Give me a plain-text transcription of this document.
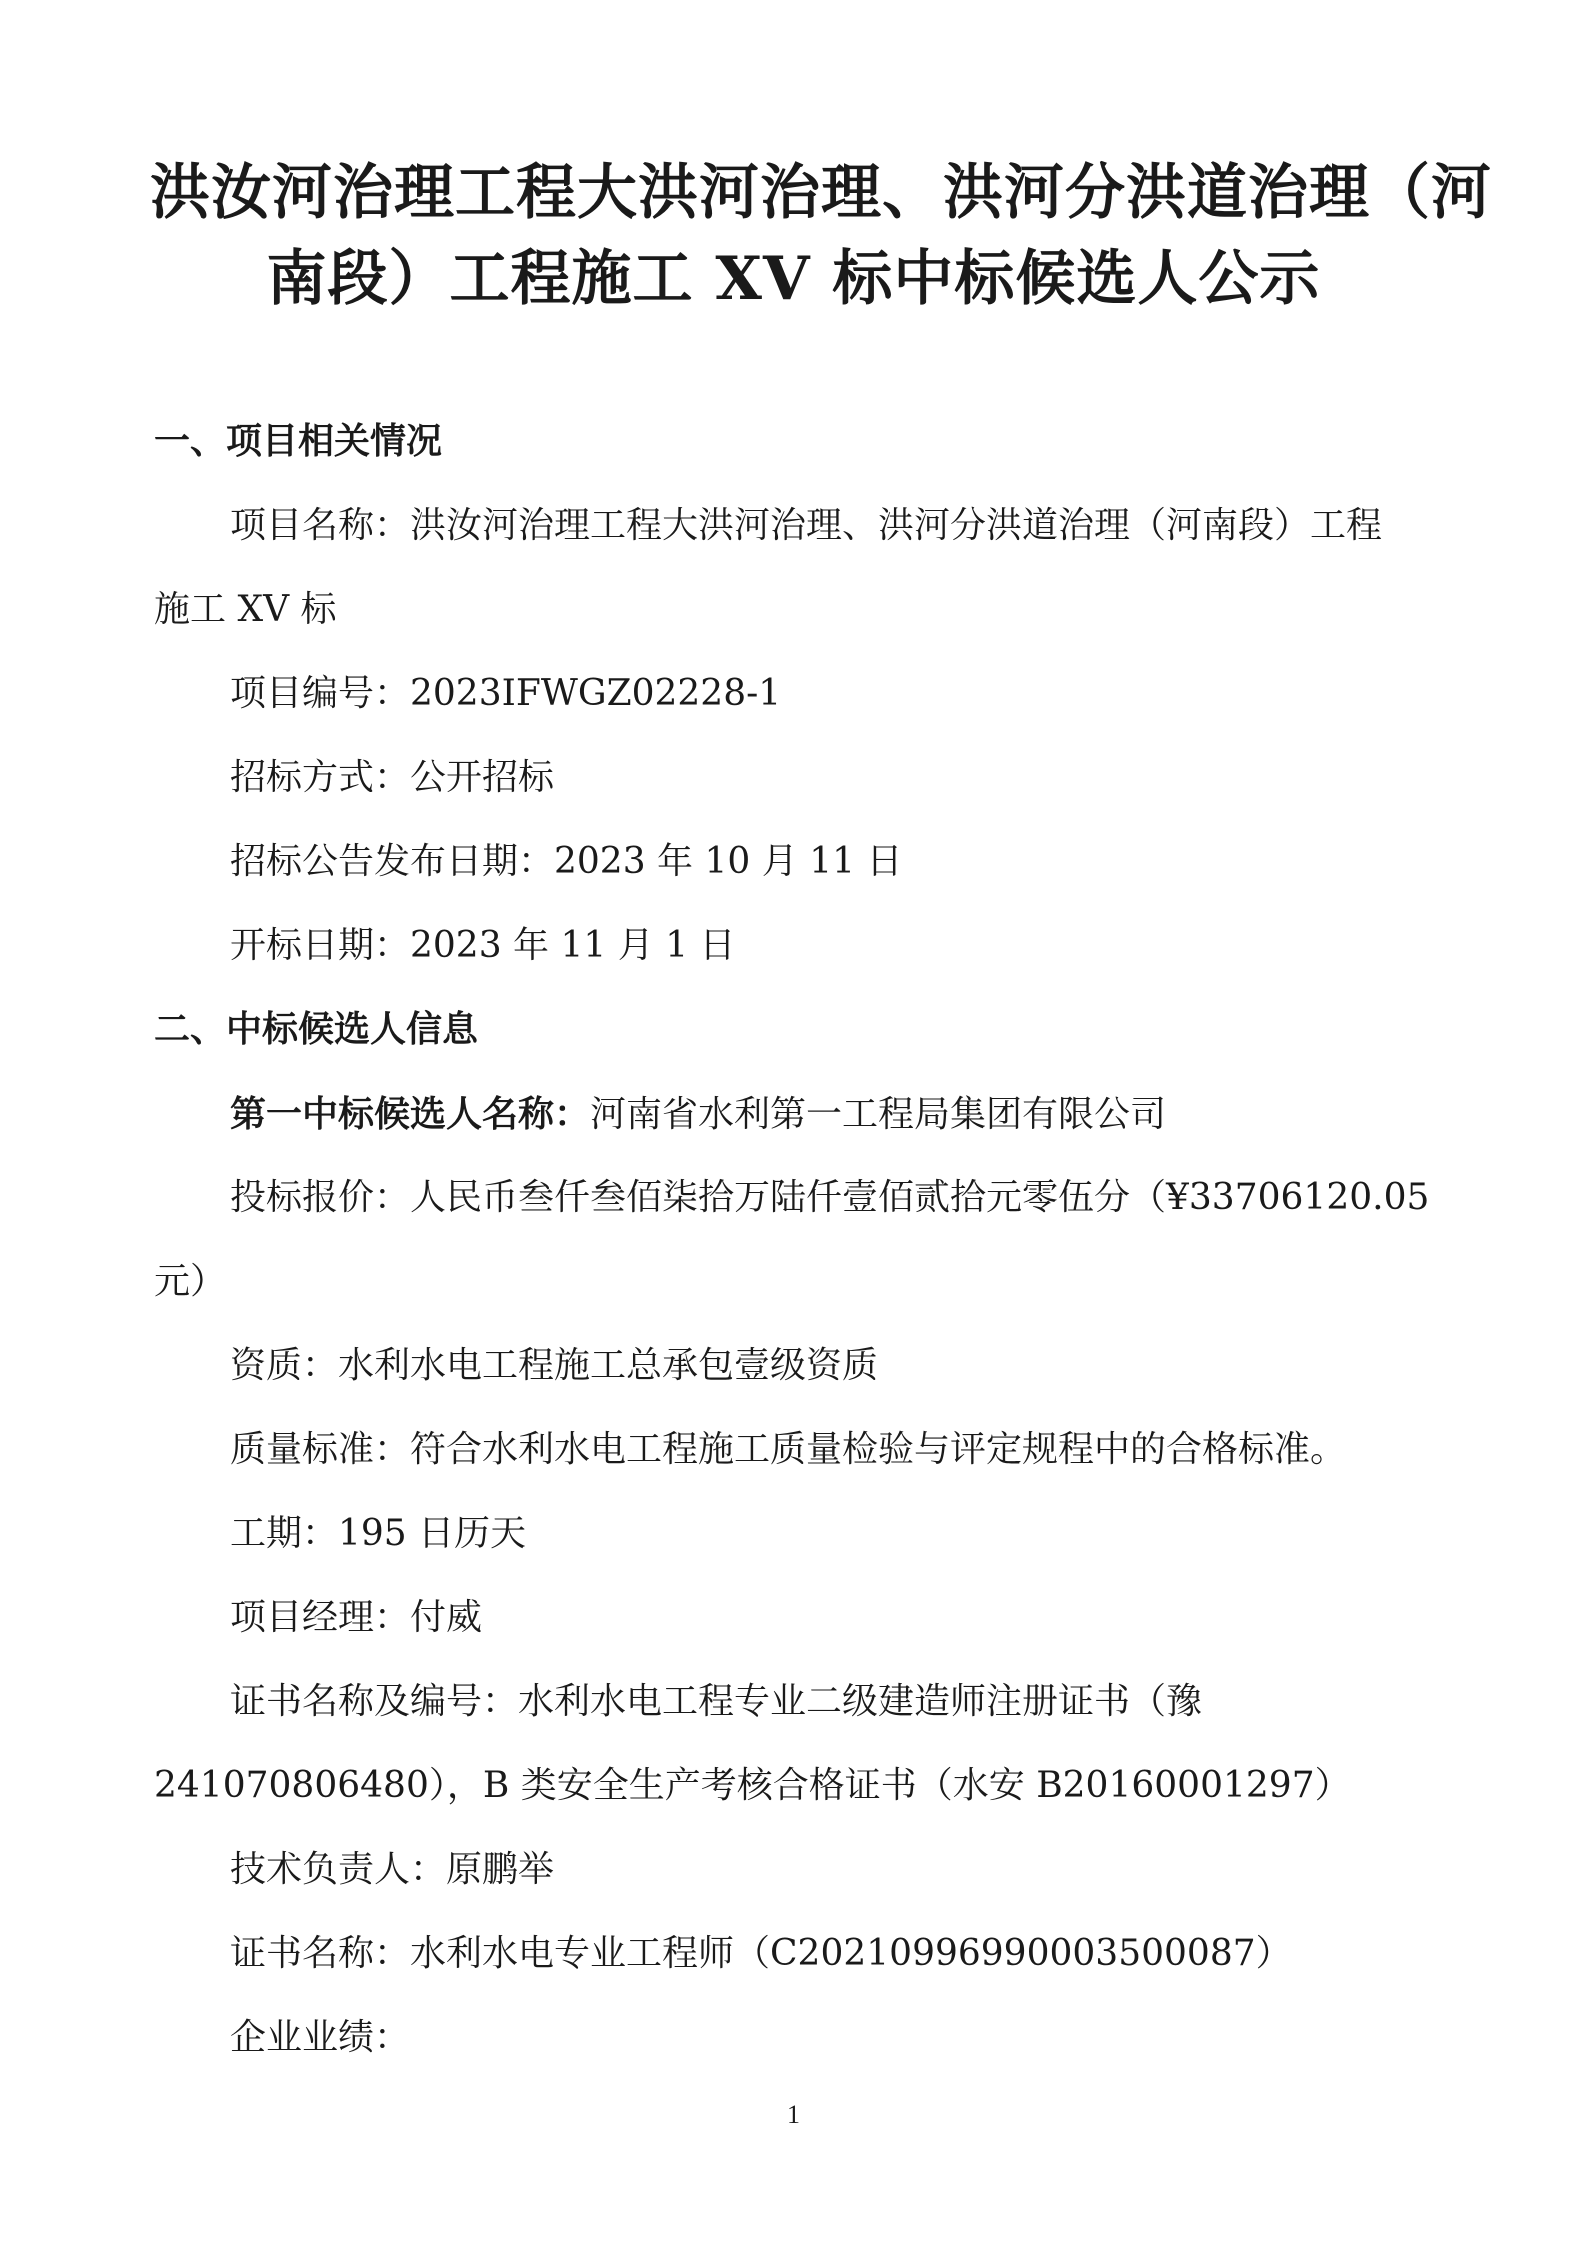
洪汝河治理工程大洪河治理、洪河分洪道治理（河
南段）工程施工 XV 标中标候选人公示

一、项目相关情况

项目名称：洪汝河治理工程大洪河治理、洪河分洪道治理（河南段）工程

施工 XV 标

项目编号：2023IFWGZ02228-1

招标方式：公开招标

招标公告发布日期：2023 年 10 月 11 日

开标日期：2023 年 11 月 1 日

二、中标候选人信息

第一中标候选人名称：河南省水利第一工程局集团有限公司

投标报价：人民币叁仟叁佰柒拾万陆仟壹佰贰拾元零伍分（¥33706120.05

元）

资质：水利水电工程施工总承包壹级资质

质量标准：符合水利水电工程施工质量检验与评定规程中的合格标准。

工期：195 日历天

项目经理：付威

证书名称及编号：水利水电工程专业二级建造师注册证书（豫

241070806480），B 类安全生产考核合格证书（水安 B20160001297）

技术负责人：原鹏举

证书名称：水利水电专业工程师（C20210996990003500087）

企业业绩：

1
